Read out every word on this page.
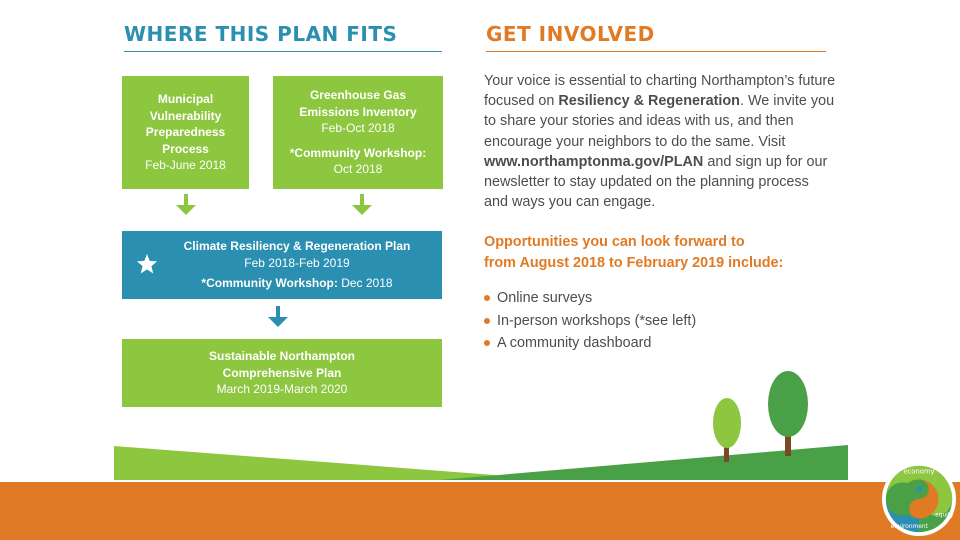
WHERE THIS PLAN FITS	GET INVOLVED
Municipal
Vulnerability
Preparedness
Process
Feb-June 2018
Greenhouse Gas
Emissions Inventory
Feb-Oct 2018
*Community Workshop:
Oct 2018
Climate Resiliency & Regeneration Plan
Feb 2018-Feb 2019
*Community Workshop: Dec 2018
Sustainable Northampton
Comprehensive Plan
March 2019-March 2020
Your voice is essential to charting Northampton’s future focused on Resiliency & Regeneration. We invite you to share your stories and ideas with us, and then encourage your neighbors to do the same. Visit www.northamptonma.gov/PLAN and sign up for our newsletter to stay updated on the planning process and ways you can engage.
Opportunities you can look forward to
from August 2018 to February 2019 include:
Online surveys
In-person workshops (*see left)
A community dashboard
economy
environment
equity
